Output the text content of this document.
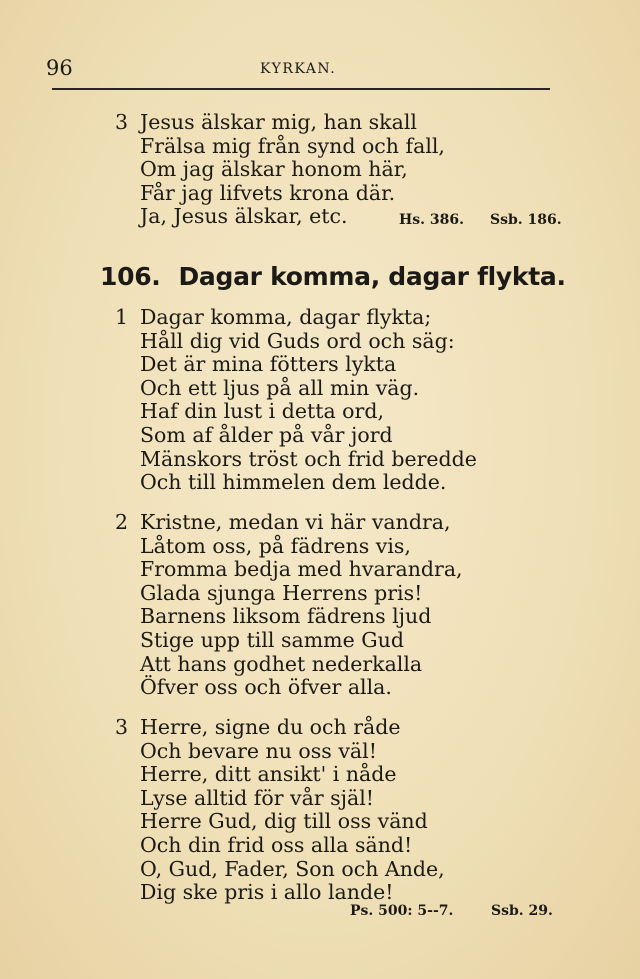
96	KYRKAN.
3 Jesus älskar mig, han skall
Frälsa mig från synd och fall,
Om jag älskar honom här,
Får jag lifvets krona där.
Ja, Jesus älskar, etc.	Hs. 386. Ssb. 186.
106. Dagar komma, dagar flykta.
1 Dagar komma, dagar flykta;
Håll dig vid Guds ord och säg:
Det är mina fötters lykta
Och ett ljus på all min väg.
Haf din lust i detta ord,
Som af ålder på vår jord
Mänskors tröst och frid beredde
Och till himmelen dem ledde.
2 Kristne, medan vi här vandra,
Låtom oss, på fädrens vis,
Fromma bedja med hvarandra,
Glada sjunga Herrens pris!
Barnens liksom fädrens ljud
Stige upp till samme Gud
Att hans godhet nederkalla
Öfver oss och öfver alla.
3 Herre, signe du och råde
Och bevare nu oss väl!
Herre, ditt ansikt' i nåde
Lyse alltid för vår själ!
Herre Gud, dig till oss vänd
Och din frid oss alla sänd!
O, Gud, Fader, Son och Ande,
Dig ske pris i allo lande!
Ps. 500: 5--7.	Ssb. 29.
